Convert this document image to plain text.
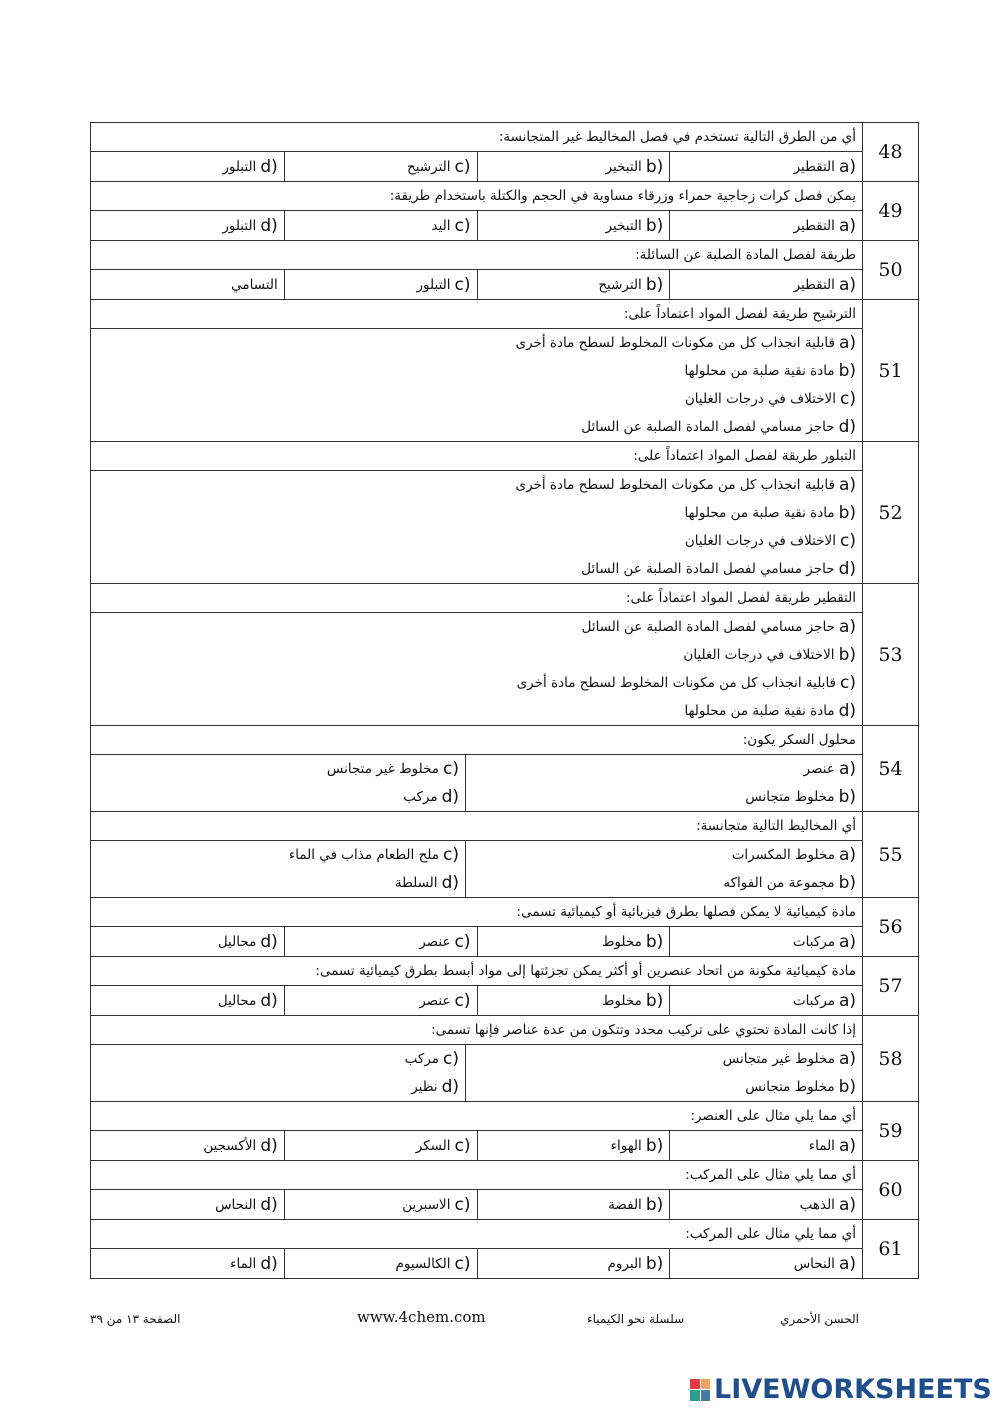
أي من الطرق التالية تستخدم في فصل المخاليط غير المتجانسة:
a)
التقطير
b)
التبخير
c)
الترشيح
d)
التبلور
48
يمكن فصل كرات زجاجية حمراء وزرقاء مساوية في الحجم والكتلة باستخدام طريقة:
a)
التقطير
b)
التبخير
c)
اليد
d)
التبلور
49
طريقة لفصل المادة الصلبة عن السائلة:
a)
التقطير
b)
الترشيح
c)
التبلور
التسامي
50
الترشيح طريقة لفصل المواد اعتماداً على:
a)
قابلية انجذاب كل من مكونات المخلوط لسطح مادة أخرى
b)
مادة نقية صلبة من محلولها
c)
الاختلاف في درجات الغليان
d)
حاجز مسامي لفصل المادة الصلبة عن السائل
51
التبلور طريقة لفصل المواد اعتماداً على:
a)
قابلية انجذاب كل من مكونات المخلوط لسطح مادة أخرى
b)
مادة نقية صلبة من محلولها
c)
الاختلاف في درجات الغليان
d)
حاجز مسامي لفصل المادة الصلبة عن السائل
52
التقطير طريقة لفصل المواد اعتماداً على:
a)
حاجز مسامي لفصل المادة الصلبة عن السائل
b)
الاختلاف في درجات الغليان
c)
قابلية انجذاب كل من مكونات المخلوط لسطح مادة أخرى
d)
مادة نقية صلبة من محلولها
53
محلول السكر يكون:
a)
عنصر
b)
مخلوط متجانس
c)
مخلوط غير متجانس
d)
مركب
54
أي المخاليط التالية متجانسة:
a)
مخلوط المكسرات
b)
مجموعة من الفواكه
c)
ملح الطعام مذاب في الماء
d)
السلطة
55
مادة كيميائية لا يمكن فصلها بطرق فيزيائية أو كيميائية تسمى:
a)
مركبات
b)
مخلوط
c)
عنصر
d)
محاليل
56
مادة كيميائية مكونة من اتحاد عنصرين أو أكثر يمكن تجزئتها إلى مواد أبسط بطرق كيميائية تسمى:
a)
مركبات
b)
مخلوط
c)
عنصر
d)
محاليل
57
إذا كانت المادة تحتوي على تركيب محدد وتتكون من عدة عناصر فإنها تسمى:
a)
مخلوط غير متجانس
b)
مخلوط متجانس
c)
مركب
d)
نظير
58
أي مما يلي مثال على العنصر:
a)
الماء
b)
الهواء
c)
السكر
d)
الأكسجين
59
أي مما يلي مثال على المركب:
a)
الذهب
b)
الفضة
c)
الاسبرين
d)
النحاس
60
أي مما يلي مثال على المركب:
a)
النحاس
b)
البروم
c)
الكالسيوم
d)
الماء
61
الحسن الأحمري
سلسلة نحو الكيمياء
www.4chem.com
الصفحة ١٣ من ٣٩
LIVEWORKSHEETS
